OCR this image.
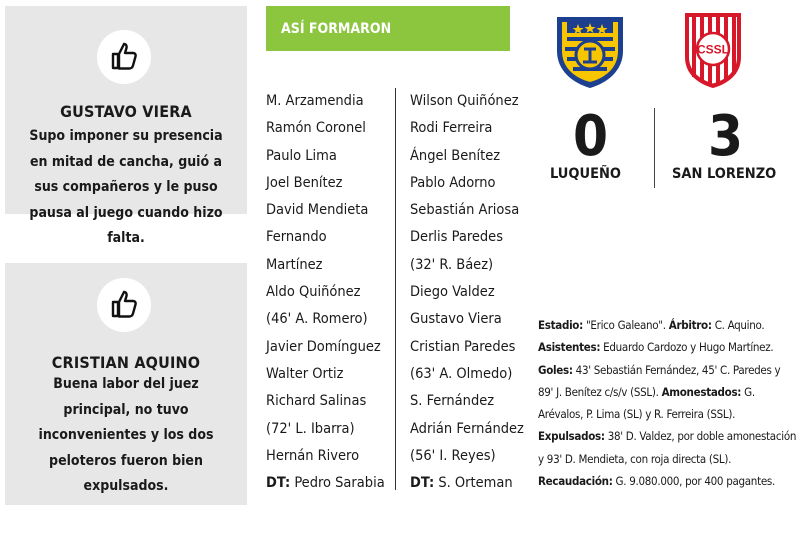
GUSTAVO VIERA
Supo imponer su presencia
en mitad de cancha, guió a
sus compañeros y le puso
pausa al juego cuando hizo
falta.
CRISTIAN AQUINO
Buena labor del juez
principal, no tuvo
inconvenientes y los dos
peloteros fueron bien
expulsados.
ASÍ FORMARON
M. Arzamendia
Ramón Coronel
Paulo Lima
Joel Benítez
David Mendieta
Fernando
Martínez
Aldo Quiñónez
(46' A. Romero)
Javier Domínguez
Walter Ortiz
Richard Salinas
(72' L. Ibarra)
Hernán Rivero
DT: Pedro Sarabia
Wilson Quiñónez
Rodi Ferreira
Ángel Benítez
Pablo Adorno
Sebastián Ariosa
Derlis Paredes
(32' R. Báez)
Diego Valdez
Gustavo Viera
Cristian Paredes
(63' A. Olmedo)
S. Fernández
Adrián Fernández
(56' I. Reyes)
DT: S. Orteman
CSSL
0 3
LUQUEÑO	SAN LORENZO
Estadio: "Erico Galeano". Árbitro: C. Aquino. Asistentes: Eduardo Cardozo y Hugo Martínez. Goles: 43' Sebastián Fernández, 45' C. Paredes y 89' J. Benítez c/s/v (SSL). Amonestados: G. Arévalos, P. Lima (SL) y R. Ferreira (SSL). Expulsados: 38' D. Valdez, por doble amonestación y 93' D. Mendieta, con roja directa (SL). Recaudación: G. 9.080.000, por 400 pagantes.
